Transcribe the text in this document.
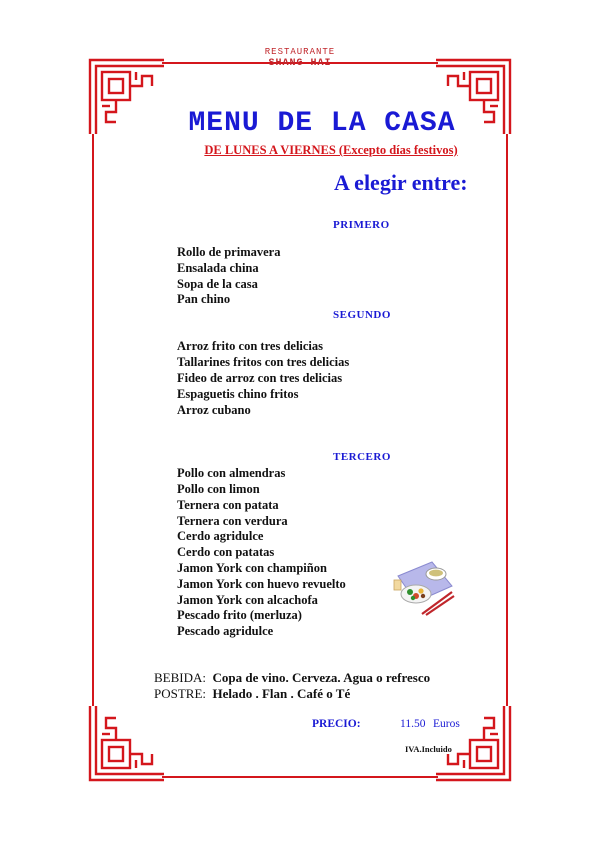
RESTAURANTE
SHANG HAI
MENU DE LA CASA
DE LUNES A VIERNES (Excepto días festivos)
A elegir entre:
PRIMERO
Rollo de primavera
Ensalada china
Sopa de la casa
Pan chino
SEGUNDO
Arroz frito con tres delicias
Tallarines fritos con tres delicias
Fideo de arroz con tres delicias
Espaguetis chino fritos
Arroz cubano
TERCERO
Pollo con almendras
Pollo con limon
Ternera con patata
Ternera con verdura
Cerdo agridulce
Cerdo con patatas
Jamon York con champiñon
Jamon York con huevo revuelto
Jamon York con alcachofa
Pescado frito (merluza)
Pescado agridulce
BEBIDA: Copa de vino. Cerveza. Agua o refresco
POSTRE: Helado . Flan . Café o Té
PRECIO:	11.50 Euros
IVA.Incluido
